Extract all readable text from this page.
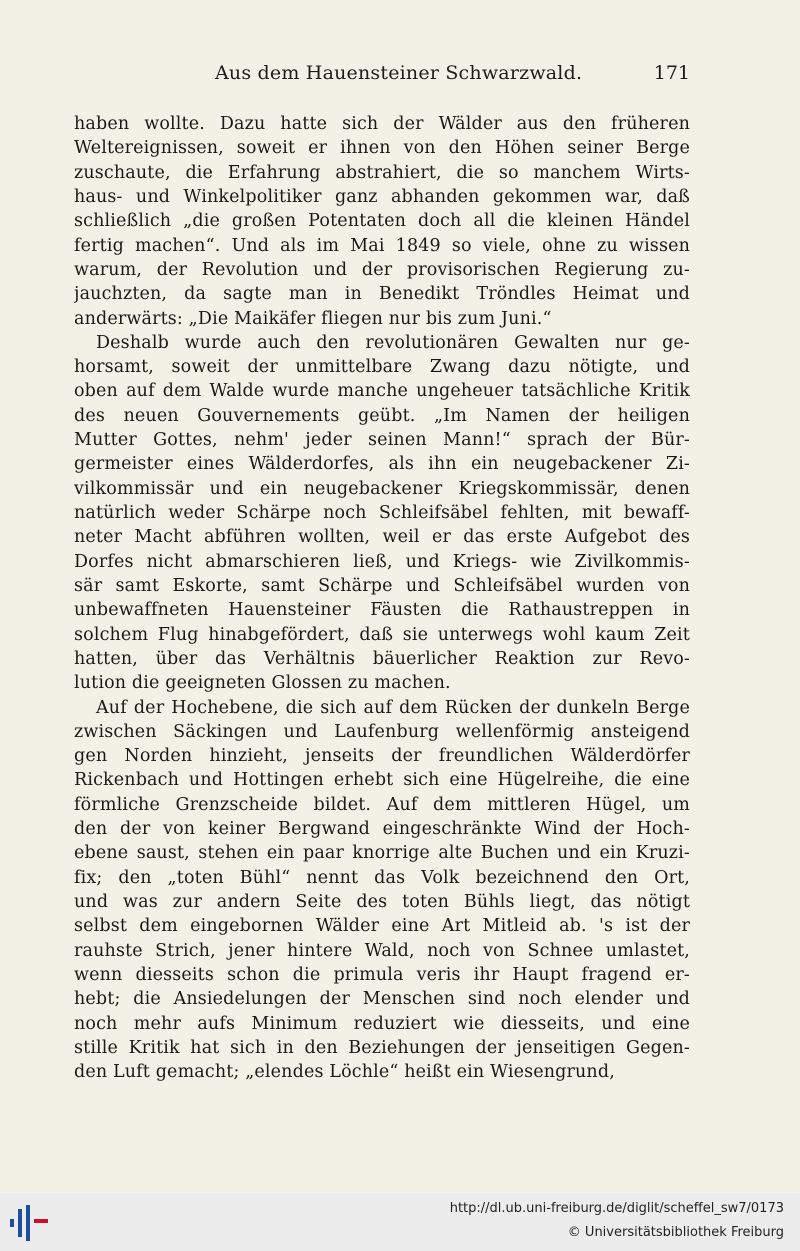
Aus dem Hauensteiner Schwarzwald.	171
haben wollte. Dazu hatte sich der Wälder aus den früheren
Weltereignissen, soweit er ihnen von den Höhen seiner Berge
zuschaute, die Erfahrung abstrahiert, die so manchem Wirts-
haus- und Winkelpolitiker ganz abhanden gekommen war, daß
schließlich „die großen Potentaten doch all die kleinen Händel
fertig machen“. Und als im Mai 1849 so viele, ohne zu wissen
warum, der Revolution und der provisorischen Regierung zu-
jauchzten, da sagte man in Benedikt Tröndles Heimat und
anderwärts: „Die Maikäfer fliegen nur bis zum Juni.“
Deshalb wurde auch den revolutionären Gewalten nur ge-
horsamt, soweit der unmittelbare Zwang dazu nötigte, und
oben auf dem Walde wurde manche ungeheuer tatsächliche Kritik
des neuen Gouvernements geübt. „Im Namen der heiligen
Mutter Gottes, nehm' jeder seinen Mann!“ sprach der Bür-
germeister eines Wälderdorfes, als ihn ein neugebackener Zi-
vilkommissär und ein neugebackener Kriegskommissär, denen
natürlich weder Schärpe noch Schleifsäbel fehlten, mit bewaff-
neter Macht abführen wollten, weil er das erste Aufgebot des
Dorfes nicht abmarschieren ließ, und Kriegs- wie Zivilkommis-
sär samt Eskorte, samt Schärpe und Schleifsäbel wurden von
unbewaffneten Hauensteiner Fäusten die Rathaustreppen in
solchem Flug hinabgefördert, daß sie unterwegs wohl kaum Zeit
hatten, über das Verhältnis bäuerlicher Reaktion zur Revo-
lution die geeigneten Glossen zu machen.
Auf der Hochebene, die sich auf dem Rücken der dunkeln Berge
zwischen Säckingen und Laufenburg wellenförmig ansteigend
gen Norden hinzieht, jenseits der freundlichen Wälderdörfer
Rickenbach und Hottingen erhebt sich eine Hügelreihe, die eine
förmliche Grenzscheide bildet. Auf dem mittleren Hügel, um
den der von keiner Bergwand eingeschränkte Wind der Hoch-
ebene saust, stehen ein paar knorrige alte Buchen und ein Kruzi-
fix; den „toten Bühl“ nennt das Volk bezeichnend den Ort,
und was zur andern Seite des toten Bühls liegt, das nötigt
selbst dem eingebornen Wälder eine Art Mitleid ab. 's ist der
rauhste Strich, jener hintere Wald, noch von Schnee umlastet,
wenn diesseits schon die primula veris ihr Haupt fragend er-
hebt; die Ansiedelungen der Menschen sind noch elender und
noch mehr aufs Minimum reduziert wie diesseits, und eine
stille Kritik hat sich in den Beziehungen der jenseitigen Gegen-
den Luft gemacht; „elendes Löchle“ heißt ein Wiesengrund,
http://dl.ub.uni-freiburg.de/diglit/scheffel_sw7/0173
© Universitätsbibliothek Freiburg
